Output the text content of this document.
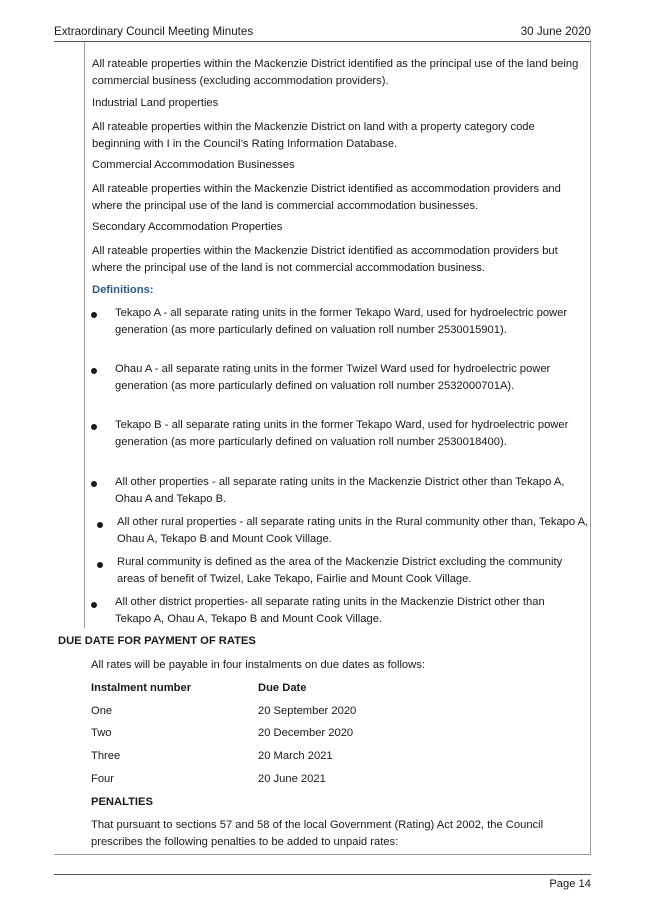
Extraordinary Council Meeting Minutes	30 June 2020
All rateable properties within the Mackenzie District identified as the principal use of the land being commercial business (excluding accommodation providers).
Industrial Land properties
All rateable properties within the Mackenzie District on land with a property category code beginning with I in the Council’s Rating Information Database.
Commercial Accommodation Businesses
All rateable properties within the Mackenzie District identified as accommodation providers and where the principal use of the land is commercial accommodation businesses.
Secondary Accommodation Properties
All rateable properties within the Mackenzie District identified as accommodation providers but where the principal use of the land is not commercial accommodation business.
Definitions:
Tekapo A - all separate rating units in the former Tekapo Ward, used for hydroelectric power generation (as more particularly defined on valuation roll number 2530015901).
Ohau A - all separate rating units in the former Twizel Ward used for hydroelectric power generation (as more particularly defined on valuation roll number 2532000701A).
Tekapo B - all separate rating units in the former Tekapo Ward, used for hydroelectric power generation (as more particularly defined on valuation roll number 2530018400).
All other properties - all separate rating units in the Mackenzie District other than Tekapo A, Ohau A and Tekapo B.
All other rural properties - all separate rating units in the Rural community other than, Tekapo A, Ohau A, Tekapo B and Mount Cook Village.
Rural community is defined as the area of the Mackenzie District excluding the community areas of benefit of Twizel, Lake Tekapo, Fairlie and Mount Cook Village.
All other district properties- all separate rating units in the Mackenzie District other than Tekapo A, Ohau A, Tekapo B and Mount Cook Village.
DUE DATE FOR PAYMENT OF RATES
All rates will be payable in four instalments on due dates as follows:
Instalment number	Due Date
One	20 September 2020
Two	20 December 2020
Three	20 March 2021
Four	20 June 2021
PENALTIES
That pursuant to sections 57 and 58 of the local Government (Rating) Act 2002, the Council prescribes the following penalties to be added to unpaid rates:
Page 14
